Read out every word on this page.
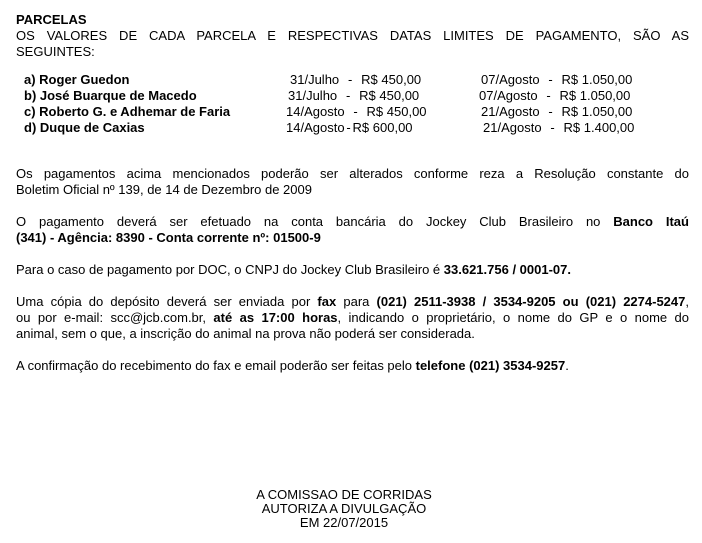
PARCELAS
OS VALORES DE CADA PARCELA E RESPECTIVAS DATAS LIMITES DE PAGAMENTO, SÃO AS
SEGUINTES:
a) Roger Guedon	31/Julho - R$ 450,00	07/Agosto - R$ 1.050,00
b) José Buarque de Macedo	31/Julho - R$ 450,00	07/Agosto - R$ 1.050,00
c) Roberto G. e Adhemar de Faria	14/Agosto - R$ 450,00	21/Agosto - R$ 1.050,00
d) Duque de Caxias	14/Agosto - R$ 600,00	21/Agosto - R$ 1.400,00

Os pagamentos acima mencionados poderão ser alterados conforme reza a Resolução constante do
Boletim Oficial nº 139, de 14 de Dezembro de 2009

O pagamento deverá ser efetuado na conta bancária do Jockey Club Brasileiro no Banco Itaú
(341) - Agência: 8390 - Conta corrente nº: 01500-9

Para o caso de pagamento por DOC, o CNPJ do Jockey Club Brasileiro é 33.621.756 / 0001-07.

Uma cópia do depósito deverá ser enviada por fax para (021) 2511-3938 / 3534-9205 ou (021) 2274-5247,
ou por e-mail: scc@jcb.com.br, até as 17:00 horas, indicando o proprietário, o nome do GP e o nome do
animal, sem o que, a inscrição do animal na prova não poderá ser considerada.

A confirmação do recebimento do fax e email poderão ser feitas pelo telefone (021) 3534-9257.

A COMISSAO DE CORRIDAS
AUTORIZA A DIVULGAÇÃO
EM 22/07/2015
